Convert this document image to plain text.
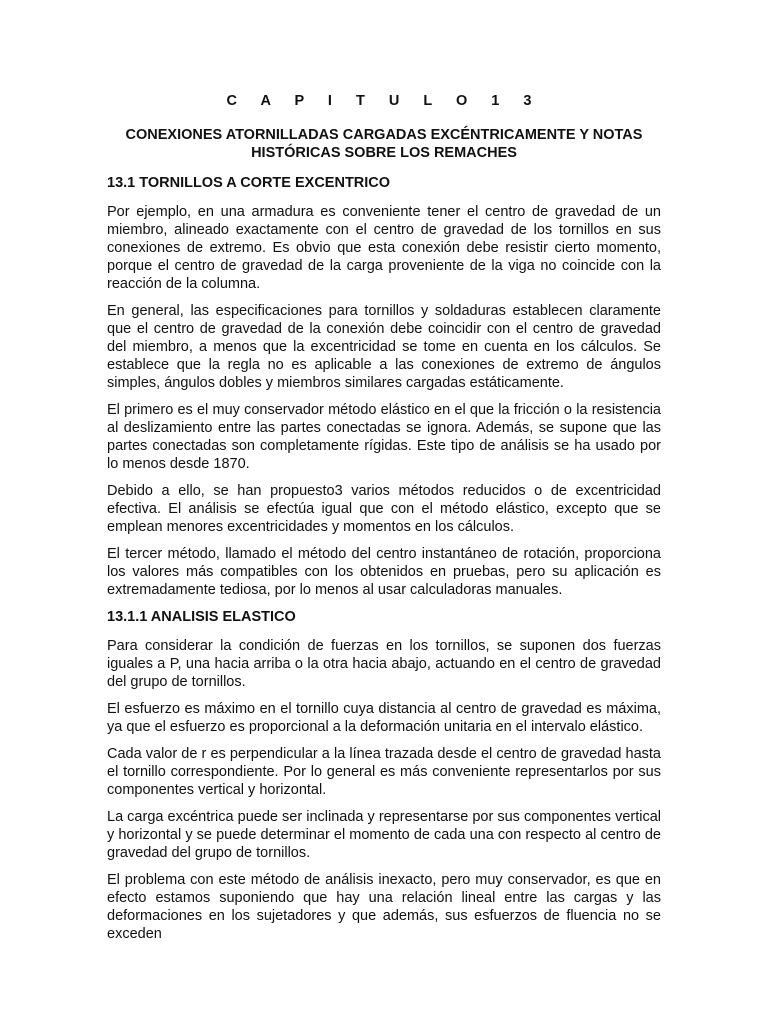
C A P I T U L O 1 3
CONEXIONES ATORNILLADAS CARGADAS EXCÉNTRICAMENTE Y NOTAS HISTÓRICAS SOBRE LOS REMACHES
13.1 TORNILLOS A CORTE EXCENTRICO

Por ejemplo, en una armadura es conveniente tener el centro de gravedad de un miembro, alineado exactamente con el centro de gravedad de los tornillos en sus conexiones de extremo. Es obvio que esta conexión debe resistir cierto momento, porque el centro de gravedad de la carga proveniente de la viga no coincide con la reacción de la columna.

En general, las especificaciones para tornillos y soldaduras establecen claramente que el centro de gravedad de la conexión debe coincidir con el centro de gravedad del miembro, a menos que la excentricidad se tome en cuenta en los cálculos. Se establece que la regla no es aplicable a las conexiones de extremo de ángulos simples, ángulos dobles y miembros similares cargadas estáticamente.

El primero es el muy conservador método elástico en el que la fricción o la resistencia al deslizamiento entre las partes conectadas se ignora. Además, se supone que las partes conectadas son completamente rígidas. Este tipo de análisis se ha usado por lo menos desde 1870.

Debido a ello, se han propuesto3 varios métodos reducidos o de excentricidad efectiva. El análisis se efectúa igual que con el método elástico, excepto que se emplean menores excentricidades y momentos en los cálculos.

El tercer método, llamado el método del centro instantáneo de rotación, proporciona los valores más compatibles con los obtenidos en pruebas, pero su aplicación es extremadamente tediosa, por lo menos al usar calculadoras manuales.

13.1.1 ANALISIS ELASTICO

Para considerar la condición de fuerzas en los tornillos, se suponen dos fuerzas iguales a P, una hacia arriba o la otra hacia abajo, actuando en el centro de gravedad del grupo de tornillos.

El esfuerzo es máximo en el tornillo cuya distancia al centro de gravedad es máxima, ya que el esfuerzo es proporcional a la deformación unitaria en el intervalo elástico.

Cada valor de r es perpendicular a la línea trazada desde el centro de gravedad hasta el tornillo correspondiente. Por lo general es más conveniente representarlos por sus componentes vertical y horizontal.

La carga excéntrica puede ser inclinada y representarse por sus componentes vertical y horizontal y se puede determinar el momento de cada una con respecto al centro de gravedad del grupo de tornillos.

El problema con este método de análisis inexacto, pero muy conservador, es que en efecto estamos suponiendo que hay una relación lineal entre las cargas y las deformaciones en los sujetadores y que además, sus esfuerzos de fluencia no se exceden
